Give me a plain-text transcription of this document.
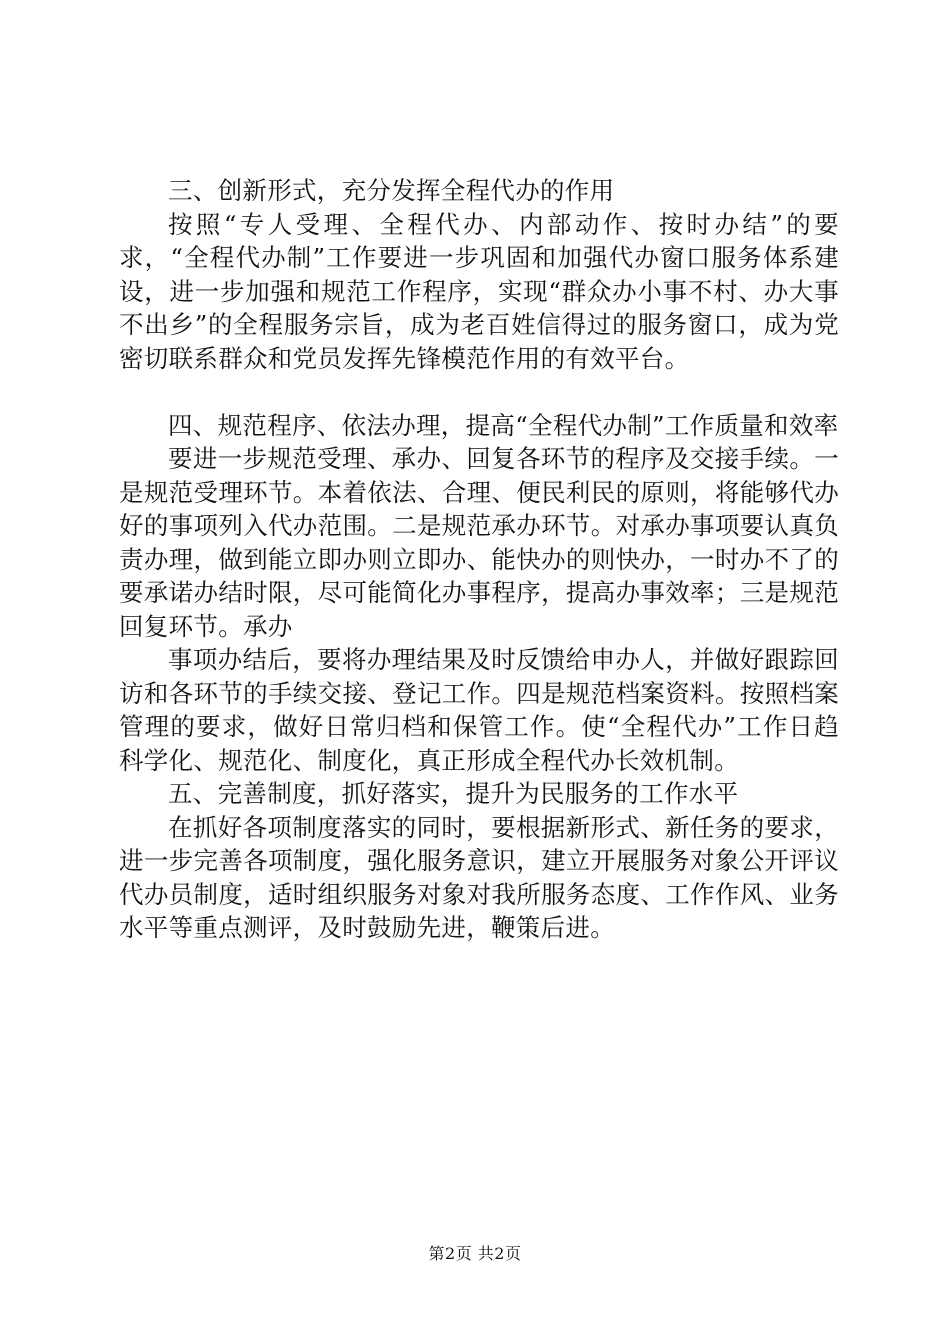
三、创新形式，充分发挥全程代办的作用

按照“专人受理、全程代办、内部动作、按时办结”的要求，“全程代办制”工作要进一步巩固和加强代办窗口服务体系建设，进一步加强和规范工作程序，实现“群众办小事不村、办大事不出乡”的全程服务宗旨，成为老百姓信得过的服务窗口，成为党密切联系群众和党员发挥先锋模范作用的有效平台。

四、规范程序、依法办理，提高“全程代办制”工作质量和效率

要进一步规范受理、承办、回复各环节的程序及交接手续。一是规范受理环节。本着依法、合理、便民利民的原则，将能够代办好的事项列入代办范围。二是规范承办环节。对承办事项要认真负责办理，做到能立即办则立即办、能快办的则快办，一时办不了的要承诺办结时限，尽可能简化办事程序，提高办事效率；三是规范回复环节。承办

事项办结后，要将办理结果及时反馈给申办人，并做好跟踪回访和各环节的手续交接、登记工作。四是规范档案资料。按照档案管理的要求，做好日常归档和保管工作。使“全程代办”工作日趋科学化、规范化、制度化，真正形成全程代办长效机制。

五、完善制度，抓好落实，提升为民服务的工作水平

在抓好各项制度落实的同时，要根据新形式、新任务的要求，进一步完善各项制度，强化服务意识，建立开展服务对象公开评议代办员制度，适时组织服务对象对我所服务态度、工作作风、业务水平等重点测评，及时鼓励先进，鞭策后进。

第2页 共2页
